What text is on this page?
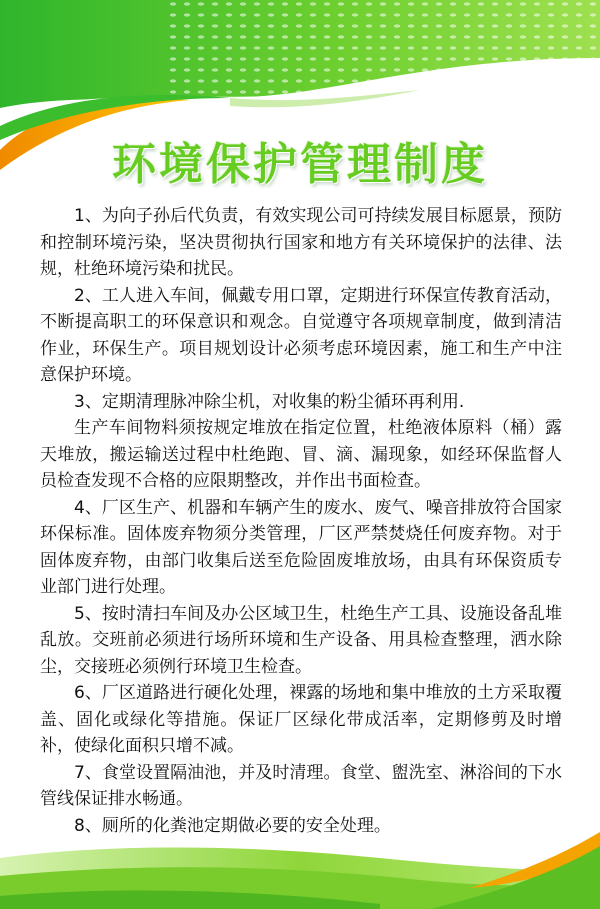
环境保护管理制度

1、为向子孙后代负责，有效实现公司可持续发展目标愿景，预防和控制环境污染，坚决贯彻执行国家和地方有关环境保护的法律、法规，杜绝环境污染和扰民。

2、工人进入车间，佩戴专用口罩，定期进行环保宣传教育活动，不断提高职工的环保意识和观念。自觉遵守各项规章制度，做到清洁作业，环保生产。项目规划设计必须考虑环境因素，施工和生产中注意保护环境。

3、定期清理脉冲除尘机，对收集的粉尘循环再利用.

生产车间物料须按规定堆放在指定位置，杜绝液体原料（桶）露天堆放，搬运输送过程中杜绝跑、冒、滴、漏现象，如经环保监督人员检查发现不合格的应限期整改，并作出书面检查。

4、厂区生产、机器和车辆产生的废水、废气、噪音排放符合国家环保标准。固体废弃物须分类管理，厂区严禁焚烧任何废弃物。对于固体废弃物，由部门收集后送至危险固废堆放场，由具有环保资质专业部门进行处理。

5、按时清扫车间及办公区域卫生，杜绝生产工具、设施设备乱堆乱放。交班前必须进行场所环境和生产设备、用具检查整理，洒水除尘，交接班必须例行环境卫生检查。

6、厂区道路进行硬化处理，裸露的场地和集中堆放的土方采取覆盖、固化或绿化等措施。保证厂区绿化带成活率，定期修剪及时增补，使绿化面积只增不减。

7、食堂设置隔油池，并及时清理。食堂、盥洗室、淋浴间的下水管线保证排水畅通。

8、厕所的化粪池定期做必要的安全处理。
